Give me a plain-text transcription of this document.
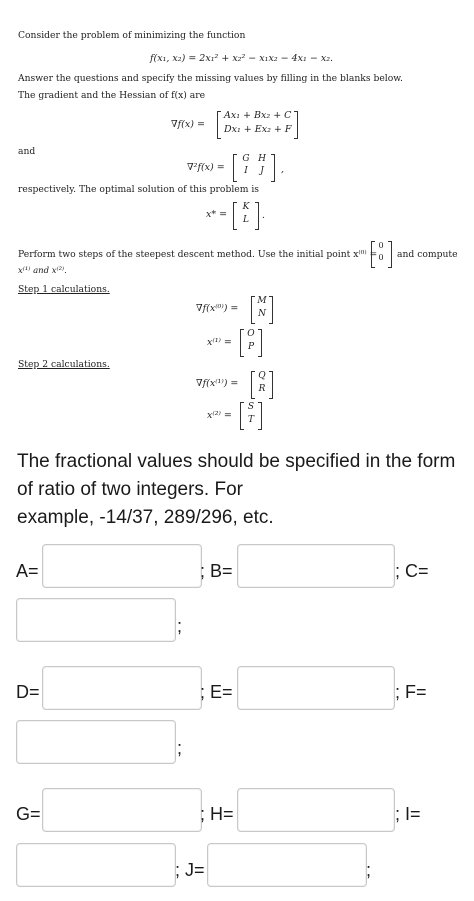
Consider the problem of minimizing the function
f(x₁, x₂) = 2x₁² + x₂² − x₁x₂ − 4x₁ − x₂.
Answer the questions and specify the missing values by filling in the blanks below.
The gradient and the Hessian of f(x) are
∇f(x) =
Ax₁ + Bx₂ + C
Dx₁ + Ex₂ + F
and
∇²f(x) =
G H
I	J	,
respectively. The optimal solution of this problem is
x* =
K
L	.
Perform two steps of the steepest descent method. Use the initial point x⁽⁰⁾ =
0
0	and compute
x⁽¹⁾ and x⁽²⁾.
Step 1 calculations.
∇f(x⁽⁰⁾) =
M
N
x⁽¹⁾ =
O
P
Step 2 calculations.
∇f(x⁽¹⁾) =
Q
R
x⁽²⁾ =
S
T
The fractional values should be specified in the form
of ratio of two integers. For
example, -14/37, 289/296, etc.
A=	; B=	; C=
;
D=	; E=	; F=
;
G=	; H=	; I=
; J=	;
